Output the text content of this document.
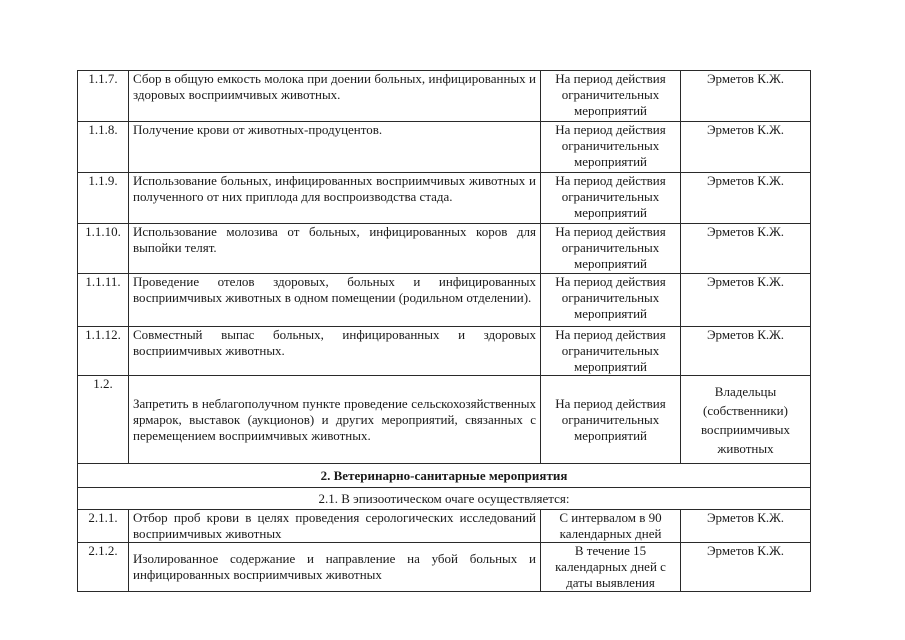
1.1.7.	Сбор в общую емкость молока при доении больных, инфицированных и здоровых восприимчивых животных.	На период действия ограничительных мероприятий	Эрметов К.Ж.
1.1.8.	Получение крови от животных-продуцентов.	На период действия ограничительных мероприятий	Эрметов К.Ж.
1.1.9.	Использование больных, инфицированных восприимчивых животных и полученного от них приплода для воспроизводства стада.	На период действия ограничительных мероприятий	Эрметов К.Ж.
1.1.10.	Использование молозива от больных, инфицированных коров для выпойки телят.	На период действия ограничительных мероприятий	Эрметов К.Ж.
1.1.11.	Проведение отелов здоровых, больных и инфицированных восприимчивых животных в одном помещении (родильном отделении).	На период действия ограничительных мероприятий	Эрметов К.Ж.
1.1.12.	Совместный выпас больных, инфицированных и здоровых восприимчивых животных.	На период действия ограничительных мероприятий	Эрметов К.Ж.
1.2.	Запретить в неблагополучном пункте проведение сельскохозяйственных ярмарок, выставок (аукционов) и других мероприятий, связанных с перемещением восприимчивых животных.	На период действия ограничительных мероприятий	Владельцы (собственники) восприимчивых животных
2. Ветеринарно-санитарные мероприятия			
2.1. В эпизоотическом очаге осуществляется:			
2.1.1.	Отбор проб крови в целях проведения серологических исследований восприимчивых животных	С интервалом в 90 календарных дней	Эрметов К.Ж.
2.1.2.	Изолированное содержание и направление на убой больных и инфицированных восприимчивых животных	В течение 15 календарных дней с даты выявления	Эрметов К.Ж.
